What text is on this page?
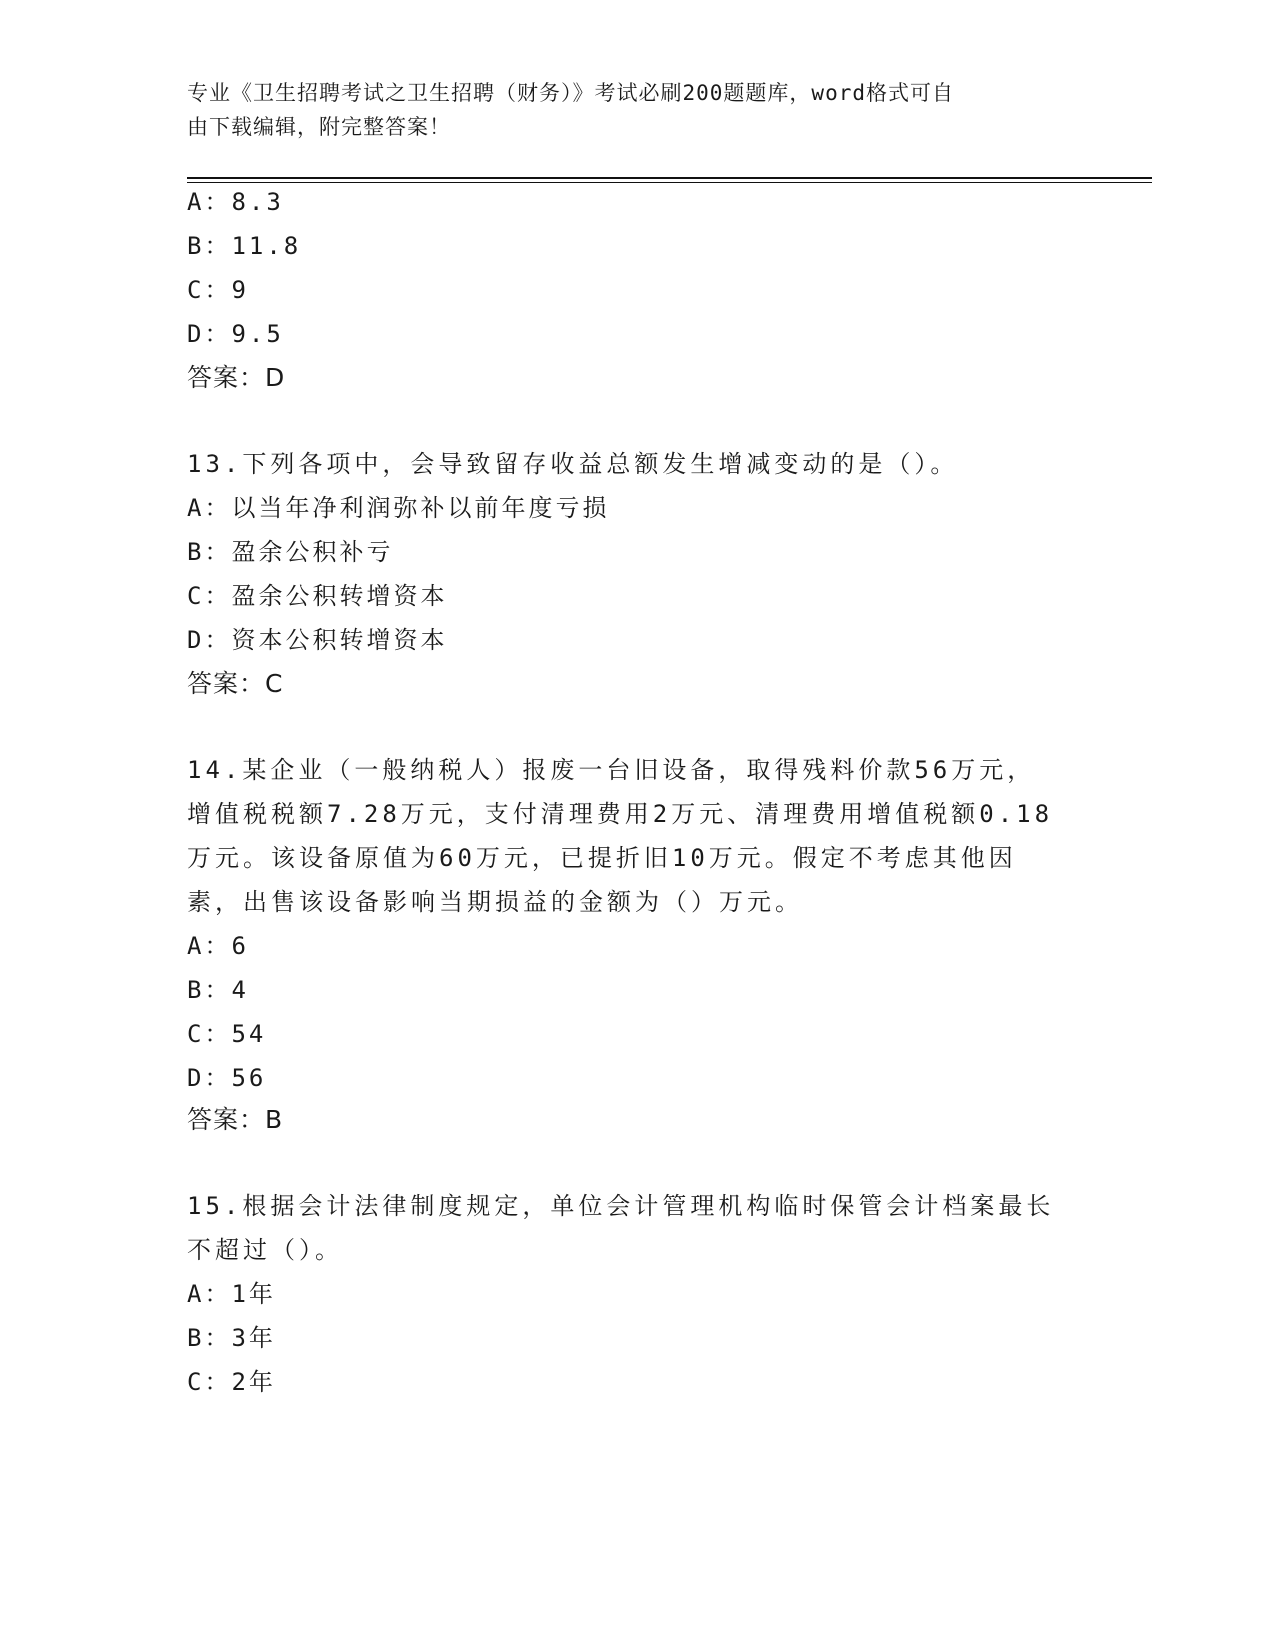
专业《卫生招聘考试之卫生招聘（财务）》考试必刷200题题库，word格式可自
由下载编辑，附完整答案！
A：8.3
B：11.8
C：9
D：9.5
答案：D
13.下列各项中，会导致留存收益总额发生增减变动的是（）。
A：以当年净利润弥补以前年度亏损
B：盈余公积补亏
C：盈余公积转增资本
D：资本公积转增资本
答案：C
14.某企业（一般纳税人）报废一台旧设备，取得残料价款56万元，
增值税税额7.28万元，支付清理费用2万元、清理费用增值税额0.18
万元。该设备原值为60万元，已提折旧10万元。假定不考虑其他因
素，出售该设备影响当期损益的金额为（）万元。
A：6
B：4
C：54
D：56
答案：B
15.根据会计法律制度规定，单位会计管理机构临时保管会计档案最长
不超过（）。
A：1年
B：3年
C：2年
